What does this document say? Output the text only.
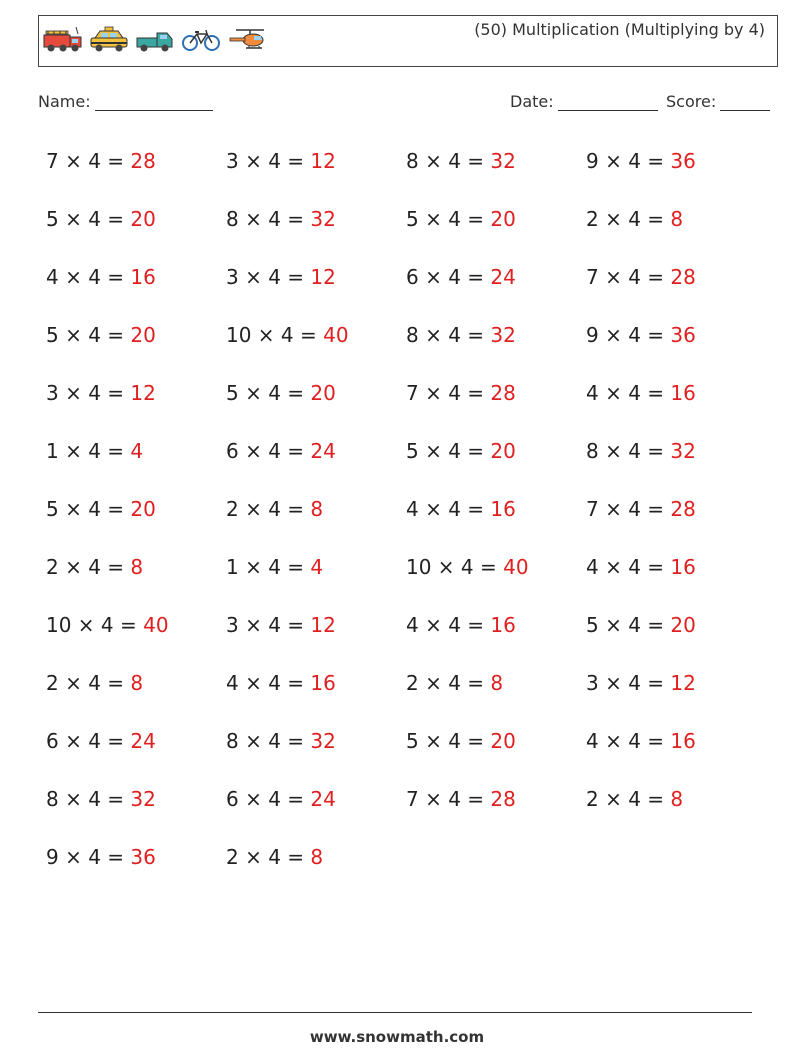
(50) Multiplication (Multiplying by 4)
Name:	Date:	Score:
7 × 4 = 28	3 × 4 = 12	8 × 4 = 32	9 × 4 = 36
5 × 4 = 20	8 × 4 = 32	5 × 4 = 20	2 × 4 = 8
4 × 4 = 16	3 × 4 = 12	6 × 4 = 24	7 × 4 = 28
5 × 4 = 20	10 × 4 = 40	8 × 4 = 32	9 × 4 = 36
3 × 4 = 12	5 × 4 = 20	7 × 4 = 28	4 × 4 = 16
1 × 4 = 4	6 × 4 = 24	5 × 4 = 20	8 × 4 = 32
5 × 4 = 20	2 × 4 = 8	4 × 4 = 16	7 × 4 = 28
2 × 4 = 8	1 × 4 = 4	10 × 4 = 40	4 × 4 = 16
10 × 4 = 40	3 × 4 = 12	4 × 4 = 16	5 × 4 = 20
2 × 4 = 8	4 × 4 = 16	2 × 4 = 8	3 × 4 = 12
6 × 4 = 24	8 × 4 = 32	5 × 4 = 20	4 × 4 = 16
8 × 4 = 32	6 × 4 = 24	7 × 4 = 28	2 × 4 = 8
9 × 4 = 36	2 × 4 = 8
www.snowmath.com
